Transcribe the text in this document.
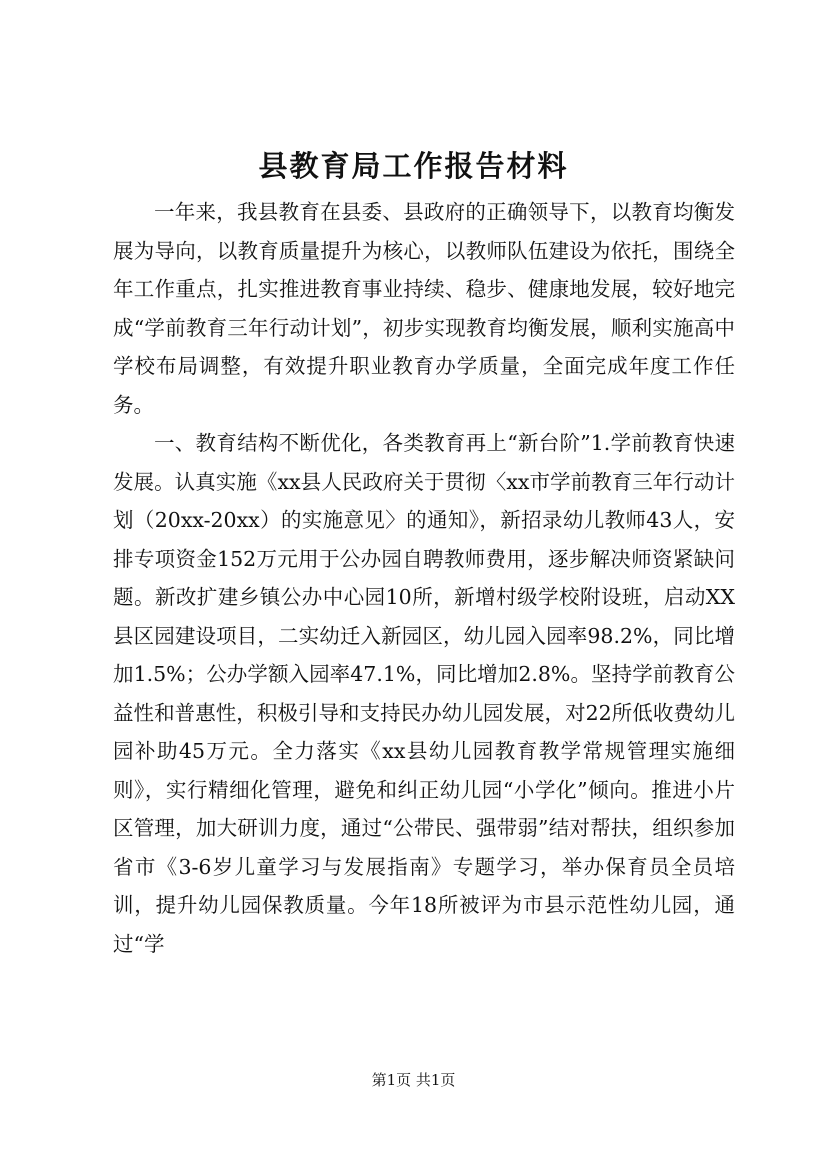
县教育局工作报告材料

一年来，我县教育在县委、县政府的正确领导下，以教育均衡发展为导向，以教育质量提升为核心，以教师队伍建设为依托，围绕全年工作重点，扎实推进教育事业持续、稳步、健康地发展，较好地完成“学前教育三年行动计划”，初步实现教育均衡发展，顺利实施高中学校布局调整，有效提升职业教育办学质量，全面完成年度工作任务。

一、教育结构不断优化，各类教育再上“新台阶”1.学前教育快速发展。认真实施《xx县人民政府关于贯彻〈xx市学前教育三年行动计划（20xx-20xx）的实施意见〉的通知》，新招录幼儿教师43人，安排专项资金152万元用于公办园自聘教师费用，逐步解决师资紧缺问题。新改扩建乡镇公办中心园10所，新增村级学校附设班，启动XX县区园建设项目，二实幼迁入新园区，幼儿园入园率98.2%，同比增加1.5%；公办学额入园率47.1%，同比增加2.8%。坚持学前教育公益性和普惠性，积极引导和支持民办幼儿园发展，对22所低收费幼儿园补助45万元。全力落实《xx县幼儿园教育教学常规管理实施细则》，实行精细化管理，避免和纠正幼儿园“小学化”倾向。推进小片区管理，加大研训力度，通过“公带民、强带弱”结对帮扶，组织参加省市《3-6岁儿童学习与发展指南》专题学习，举办保育员全员培训，提升幼儿园保教质量。今年18所被评为市县示范性幼儿园，通过“学

第1页 共1页
